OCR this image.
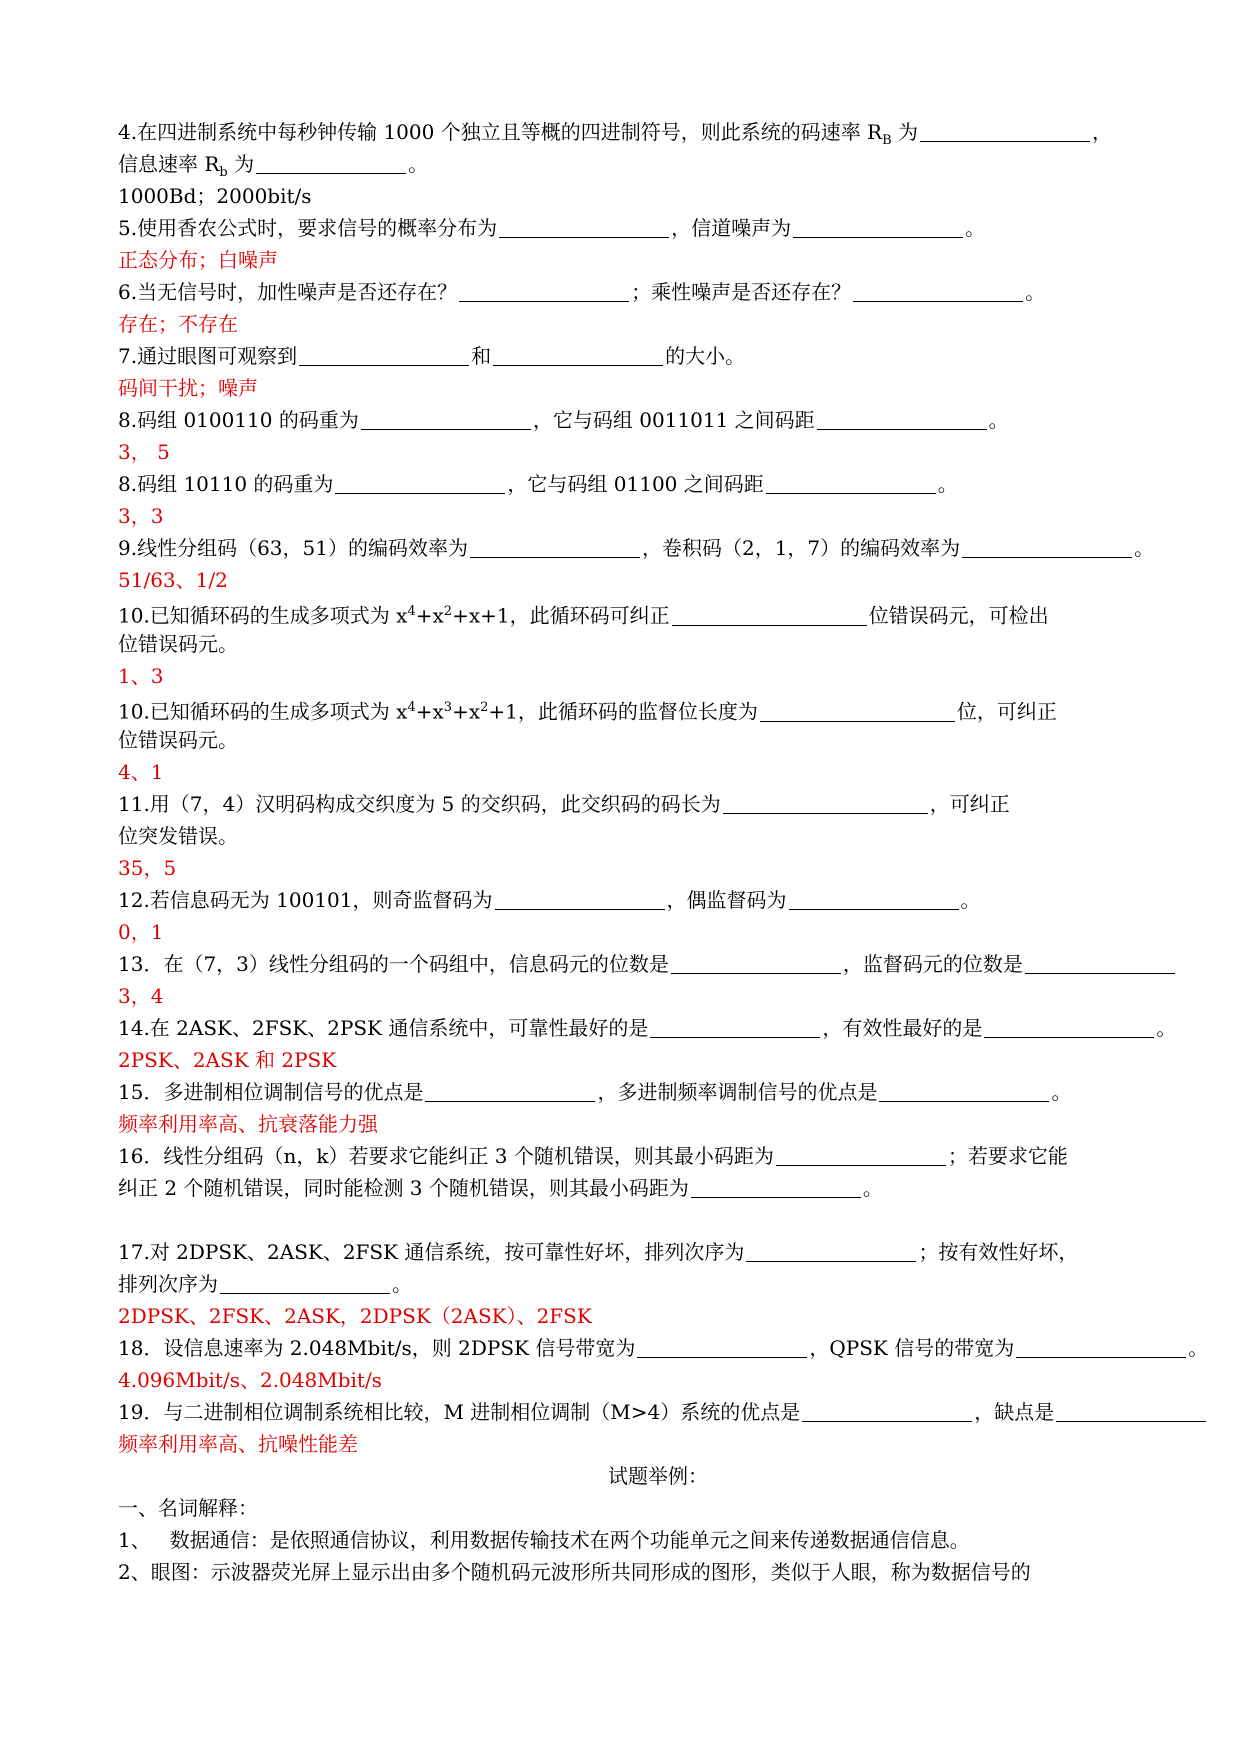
4.在四进制系统中每秒钟传输 1000 个独立且等概的四进制符号，则此系统的码速率 $R_B$ 为	，
信息速率 $R_b$ 为	。
1000Bd；2000bit/s
5.使用香农公式时，要求信号的概率分布为	，信道噪声为	。
正态分布；白噪声
6.当无信号时，加性噪声是否还存在？	；乘性噪声是否还存在？	。
存在；不存在
7.通过眼图可观察到	和	的大小。
码间干扰；噪声
8.码组 0100110 的码重为	，它与码组 0011011 之间码距	。
3， 5
8.码组 10110 的码重为	，它与码组 01100 之间码距	。
3，3
9.线性分组码（63，51）的编码效率为	，卷积码（2，1，7）的编码效率为	。
51/63、1/2
10.已知循环码的生成多项式为 $x^4+x^2+x+1$，此循环码可纠正	位错误码元，可检出
位错误码元。
1、3
10.已知循环码的生成多项式为 $x^4+x^3+x^2+1$，此循环码的监督位长度为	位，可纠正
位错误码元。
4、1
11.用（7，4）汉明码构成交织度为 5 的交织码，此交织码的码长为	，可纠正
位突发错误。
35，5
12.若信息码无为 100101，则奇监督码为	，偶监督码为	。
0，1
13．在（7，3）线性分组码的一个码组中，信息码元的位数是	，监督码元的位数是
3，4
14.在 2ASK、2FSK、2PSK 通信系统中，可靠性最好的是	，有效性最好的是	。
2PSK、2ASK 和 2PSK
15．多进制相位调制信号的优点是	，多进制频率调制信号的优点是	。
频率利用率高、抗衰落能力强
16．线性分组码（n，k）若要求它能纠正 3 个随机错误，则其最小码距为	；若要求它能
纠正 2 个随机错误，同时能检测 3 个随机错误，则其最小码距为	。
17.对 2DPSK、2ASK、2FSK 通信系统，按可靠性好坏，排列次序为	；按有效性好坏，
排列次序为	。
2DPSK、2FSK、2ASK，2DPSK（2ASK）、2FSK
18．设信息速率为 2.048Mbit/s，则 2DPSK 信号带宽为	，QPSK 信号的带宽为	。
4.096Mbit/s、2.048Mbit/s
19．与二进制相位调制系统相比较，M 进制相位调制（M>4）系统的优点是	，缺点是
频率利用率高、抗噪性能差
试题举例：
一、名词解释：
1、   数据通信：是依照通信协议，利用数据传输技术在两个功能单元之间来传递数据通信信息。
2、眼图：示波器荧光屏上显示出由多个随机码元波形所共同形成的图形，类似于人眼，称为数据信号的
